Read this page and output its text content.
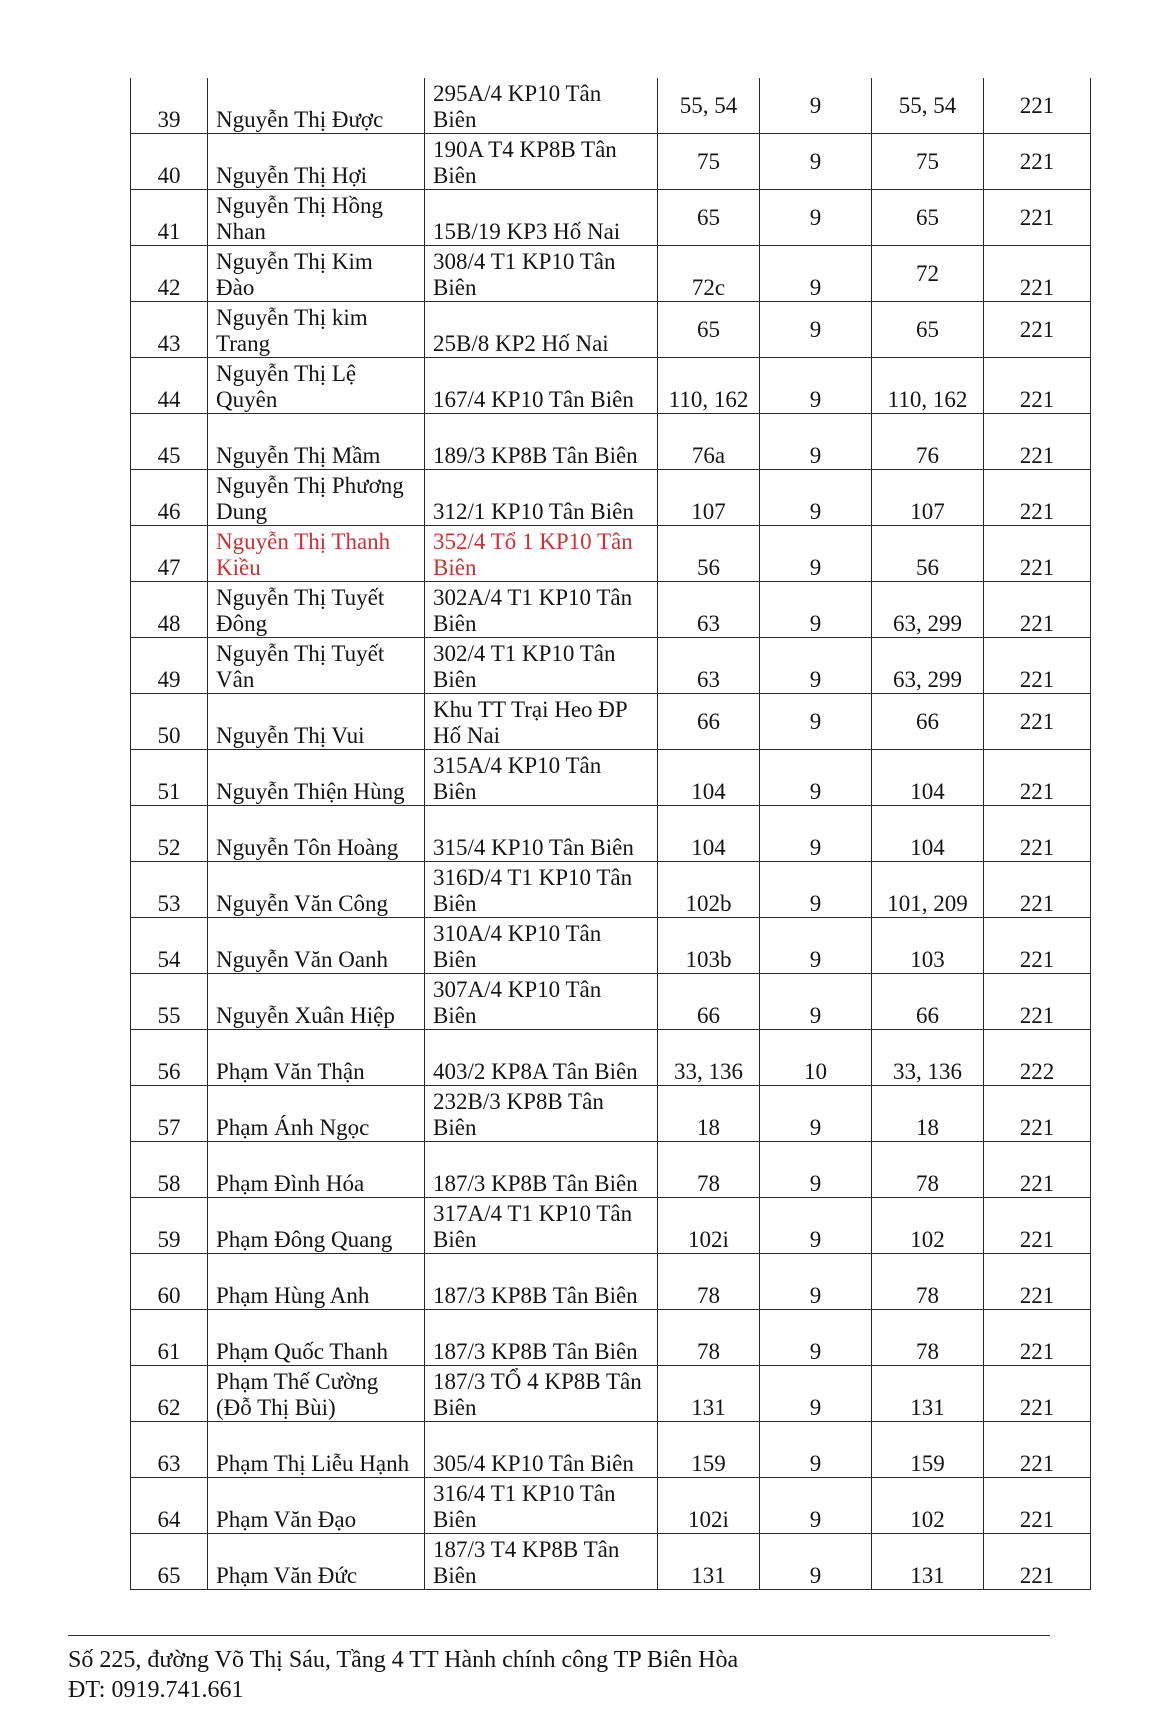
39	Nguyễn Thị Được	295A/4 KP10 Tân Biên	55, 54	9	55, 54	221
40	Nguyễn Thị Hợi	190A T4 KP8B Tân Biên	75	9	75	221
41	Nguyễn Thị Hồng Nhan	15B/19 KP3 Hố Nai	65	9	65	221
42	Nguyễn Thị Kim Đào	308/4 T1 KP10 Tân Biên	72c	9	72	221
43	Nguyễn Thị kim Trang	25B/8 KP2 Hố Nai	65	9	65	221
44	Nguyễn Thị Lệ Quyên	167/4 KP10 Tân Biên	110, 162	9	110, 162	221
45	Nguyễn Thị Mầm	189/3 KP8B Tân Biên	76a	9	76	221
46	Nguyễn Thị Phương Dung	312/1 KP10 Tân Biên	107	9	107	221
47	Nguyễn Thị Thanh Kiều	352/4 Tổ 1 KP10 Tân Biên	56	9	56	221
48	Nguyễn Thị Tuyết Đông	302A/4 T1 KP10 Tân Biên	63	9	63, 299	221
49	Nguyễn Thị Tuyết Vân	302/4 T1 KP10 Tân Biên	63	9	63, 299	221
50	Nguyễn Thị Vui	Khu TT Trại Heo ĐP Hố Nai	66	9	66	221
51	Nguyễn Thiện Hùng	315A/4 KP10 Tân Biên	104	9	104	221
52	Nguyễn Tôn Hoàng	315/4 KP10 Tân Biên	104	9	104	221
53	Nguyễn Văn Công	316D/4 T1 KP10 Tân Biên	102b	9	101, 209	221
54	Nguyễn Văn Oanh	310A/4 KP10 Tân Biên	103b	9	103	221
55	Nguyễn Xuân Hiệp	307A/4 KP10 Tân Biên	66	9	66	221
56	Phạm Văn Thận	403/2 KP8A Tân Biên	33, 136	10	33, 136	222
57	Phạm Ánh Ngọc	232B/3 KP8B Tân Biên	18	9	18	221
58	Phạm Đình Hóa	187/3 KP8B Tân Biên	78	9	78	221
59	Phạm Đông Quang	317A/4 T1 KP10 Tân Biên	102i	9	102	221
60	Phạm Hùng Anh	187/3 KP8B Tân Biên	78	9	78	221
61	Phạm Quốc Thanh	187/3 KP8B Tân Biên	78	9	78	221
62	Phạm Thế Cường (Đỗ Thị Bùi)	187/3 TỔ 4 KP8B Tân Biên	131	9	131	221
63	Phạm Thị Liễu Hạnh	305/4 KP10 Tân Biên	159	9	159	221
64	Phạm Văn Đạo	316/4 T1 KP10 Tân Biên	102i	9	102	221
65	Phạm Văn Đức	187/3 T4 KP8B Tân Biên	131	9	131	221
Số 225, đường Võ Thị Sáu, Tầng 4 TT Hành chính công TP Biên Hòa
ĐT: 0919.741.661
